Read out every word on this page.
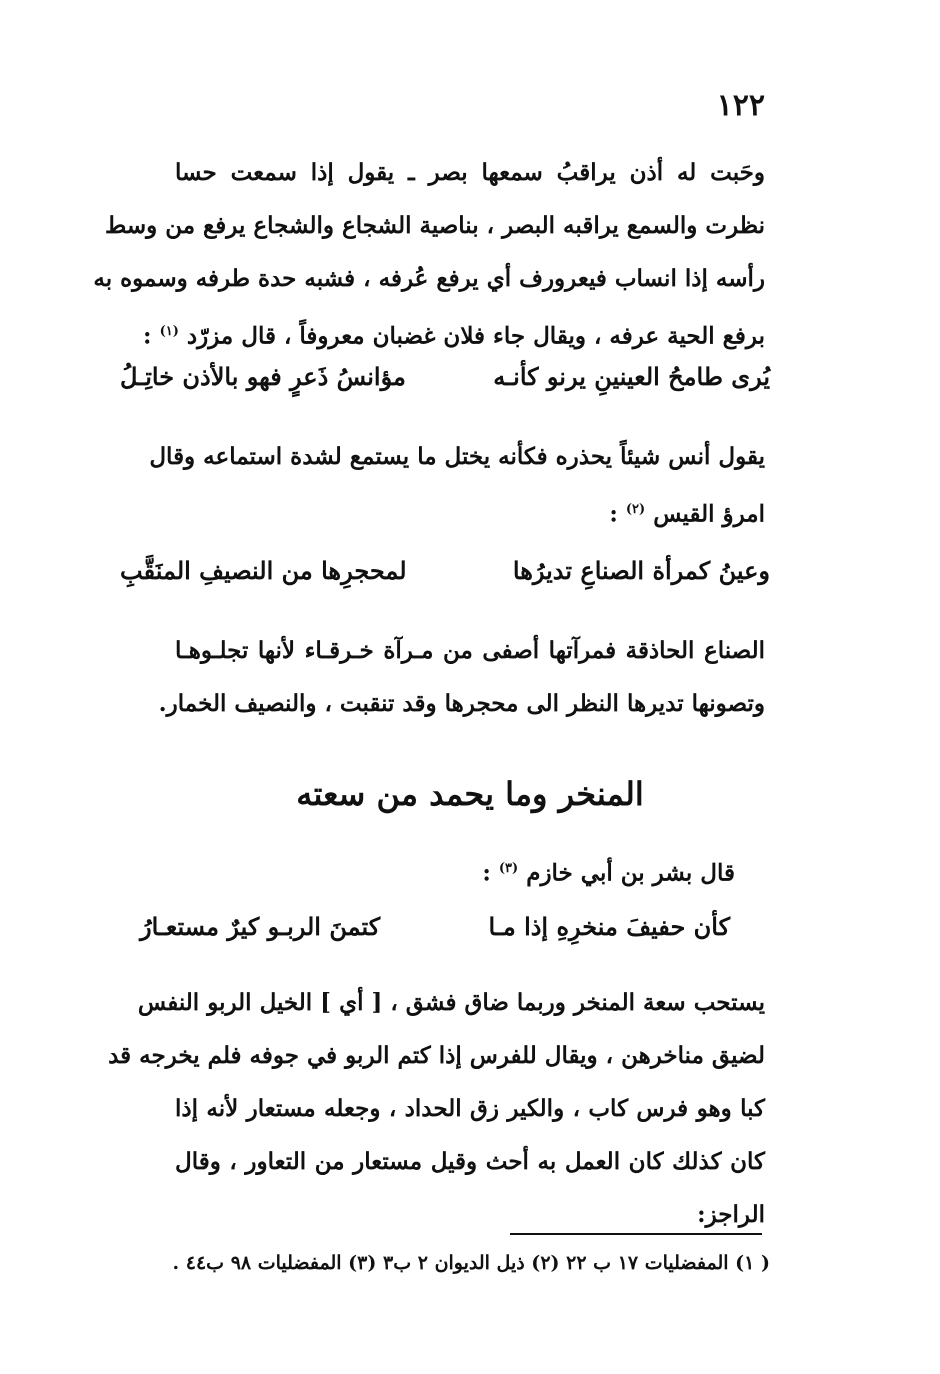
١٢٢
وحَبت له أذن يراقبُ سمعها بصر ـ يقول إذا سمعت حسا
نظرت والسمع يراقبه البصر ، بناصية الشجاع والشجاع يرفع من وسط
رأسه إذا انساب فيعرورف أي يرفع عُرفه ، فشبه حدة طرفه وسموه به
برفع الحية عرفه ، ويقال جاء فلان غضبان معروفاً ، قال مزرّد $^{(١)}$ :
يُرى طامحُ العينينِ يرنو كأنـه
مؤانسُ ذَعرٍ فهو بالأذن خاتِـلُ
يقول أنس شيئاً يحذره فكأنه يختل ما يستمع لشدة استماعه وقال
امرؤ القيس $^{(٢)}$ :
وعينُ كمرأة الصناعِ تديرُها
لمحجرِها من النصيفِ المنَقَّبِ
الصناع الحاذقة فمرآتها أصفى من مـرآة خـرقـاء لأنها تجلـوهـا
وتصونها تديرها النظر الى محجرها وقد تنقبت ، والنصيف الخمار.
المنخر وما يحمد من سعته
قال بشر بن أبي خازم $^{(٣)}$ :
كأن حفيفَ منخرِهِ إذا مـا
كتمنَ الربـو كيرٌ مستعـارُ
يستحب سعة المنخر وربما ضاق فشق ، [ أي ] الخيل الربو النفس
لضيق مناخرهن ، ويقال للفرس إذا كتم الربو في جوفه فلم يخرجه قد
كبا وهو فرس كاب ، والكير زق الحداد ، وجعله مستعار لأنه إذا
كان كذلك كان العمل به أحث وقيل مستعار من التعاور ، وقال
الراجز:
( ١) المفضليات ١٧ ب ٢٢ (٢) ذيل الديوان ٢ ب٣ (٣) المفضليات ٩٨ ب٤٤ .
